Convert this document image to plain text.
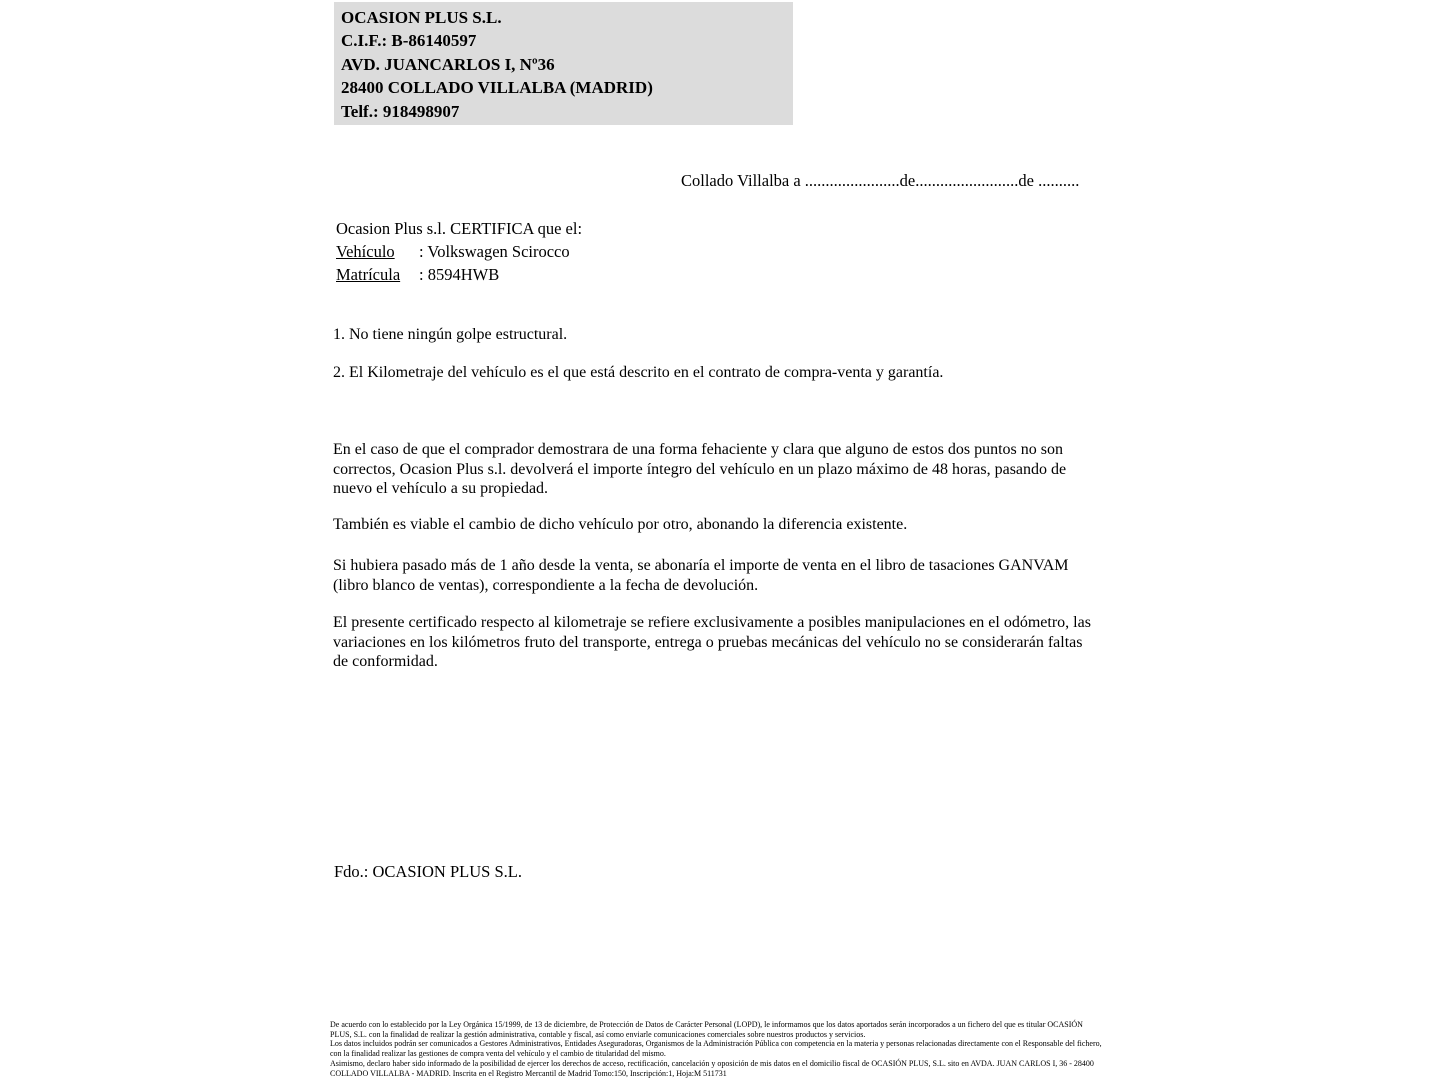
OCASION PLUS S.L.
C.I.F.: B-86140597
AVD. JUANCARLOS I, Nº36
28400 COLLADO VILLALBA (MADRID)
Telf.: 918498907
Collado Villalba a .......................de.........................de ..........
Ocasion Plus s.l. CERTIFICA que el:
Vehículo : Volkswagen Scirocco
Matrícula : 8594HWB
1. No tiene ningún golpe estructural.
2. El Kilometraje del vehículo es el que está descrito en el contrato de compra-venta y garantía.
En el caso de que el comprador demostrara de una forma fehaciente y clara que alguno de estos dos puntos no son correctos, Ocasion Plus s.l. devolverá el importe íntegro del vehículo en un plazo máximo de 48 horas, pasando de nuevo el vehículo a su propiedad.
También es viable el cambio de dicho vehículo por otro, abonando la diferencia existente.
Si hubiera pasado más de 1 año desde la venta, se abonaría el importe de venta en el libro de tasaciones GANVAM (libro blanco de ventas), correspondiente a la fecha de devolución.
El presente certificado respecto al kilometraje se refiere exclusivamente a posibles manipulaciones en el odómetro, las variaciones en los kilómetros fruto del transporte, entrega o pruebas mecánicas del vehículo no se considerarán faltas de conformidad.
Fdo.: OCASION PLUS S.L.
De acuerdo con lo establecido por la Ley Orgánica 15/1999, de 13 de diciembre, de Protección de Datos de Carácter Personal (LOPD), le informamos que los datos aportados serán incorporados a un fichero del que es titular OCASIÓN PLUS, S.L. con la finalidad de realizar la gestión administrativa, contable y fiscal, así como enviarle comunicaciones comerciales sobre nuestros productos y servicios.
Los datos incluidos podrán ser comunicados a Gestores Administrativos, Entidades Aseguradoras, Organismos de la Administración Pública con competencia en la materia y personas relacionadas directamente con el Responsable del fichero, con la finalidad realizar las gestiones de compra venta del vehículo y el cambio de titularidad del mismo.
Asimismo, declaro haber sido informado de la posibilidad de ejercer los derechos de acceso, rectificación, cancelación y oposición de mis datos en el domicilio fiscal de OCASIÓN PLUS, S.L. sito en AVDA. JUAN CARLOS I, 36 - 28400 COLLADO VILLALBA - MADRID. Inscrita en el Registro Mercantil de Madrid Tomo:150, Inscripción:1, Hoja:M 511731
